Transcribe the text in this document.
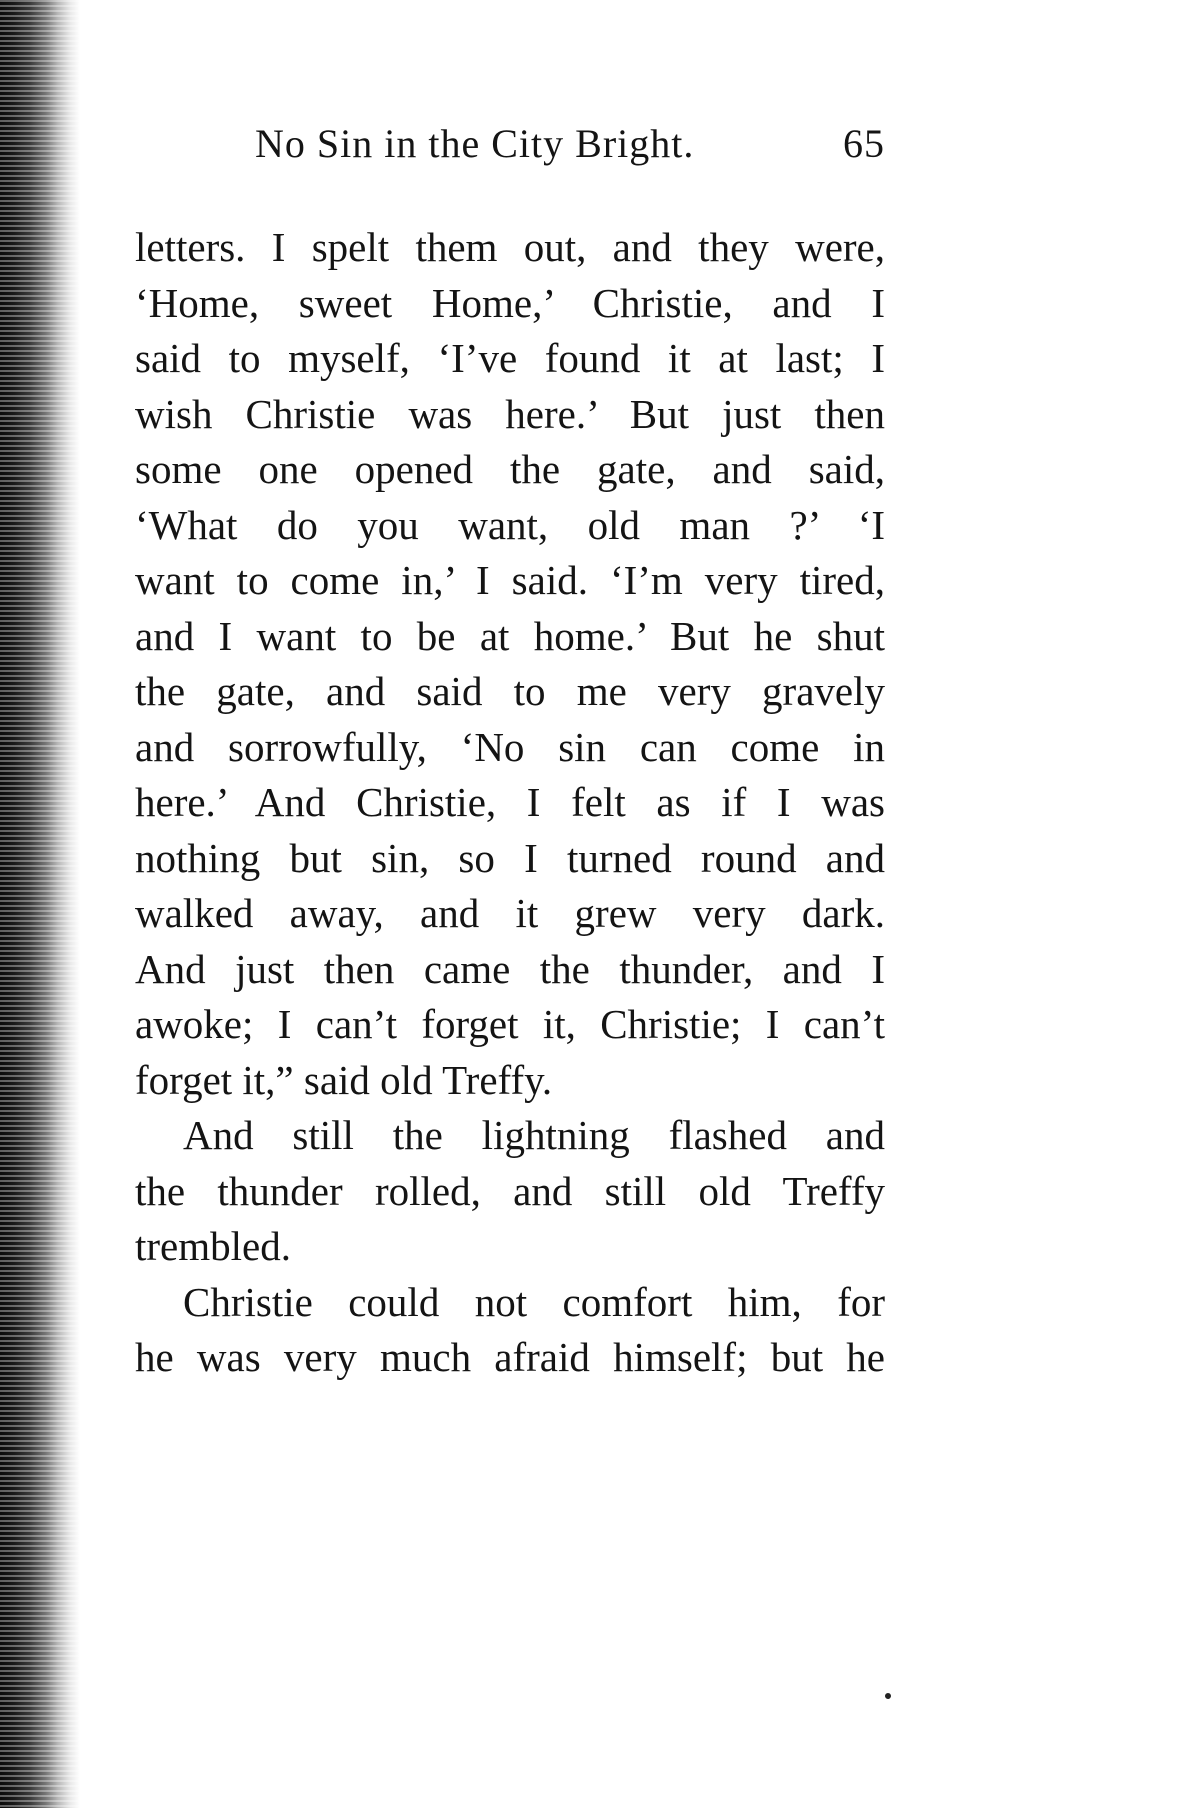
No Sin in the City Bright.	65

letters. I spelt them out, and they were,
‘Home, sweet Home,’ Christie, and I
said to myself, ‘I’ve found it at last; I
wish Christie was here.’ But just then
some one opened the gate, and said,
‘What do you want, old man ?’ ‘I
want to come in,’ I said. ‘I’m very tired,
and I want to be at home.’ But he shut
the gate, and said to me very gravely
and sorrowfully, ‘No sin can come in
here.’ And Christie, I felt as if I was
nothing but sin, so I turned round and
walked away, and it grew very dark.
And just then came the thunder, and I
awoke; I can’t forget it, Christie; I can’t
forget it,” said old Treffy.

And still the lightning flashed and
the thunder rolled, and still old Treffy
trembled.

Christie could not comfort him, for
he was very much afraid himself; but he
